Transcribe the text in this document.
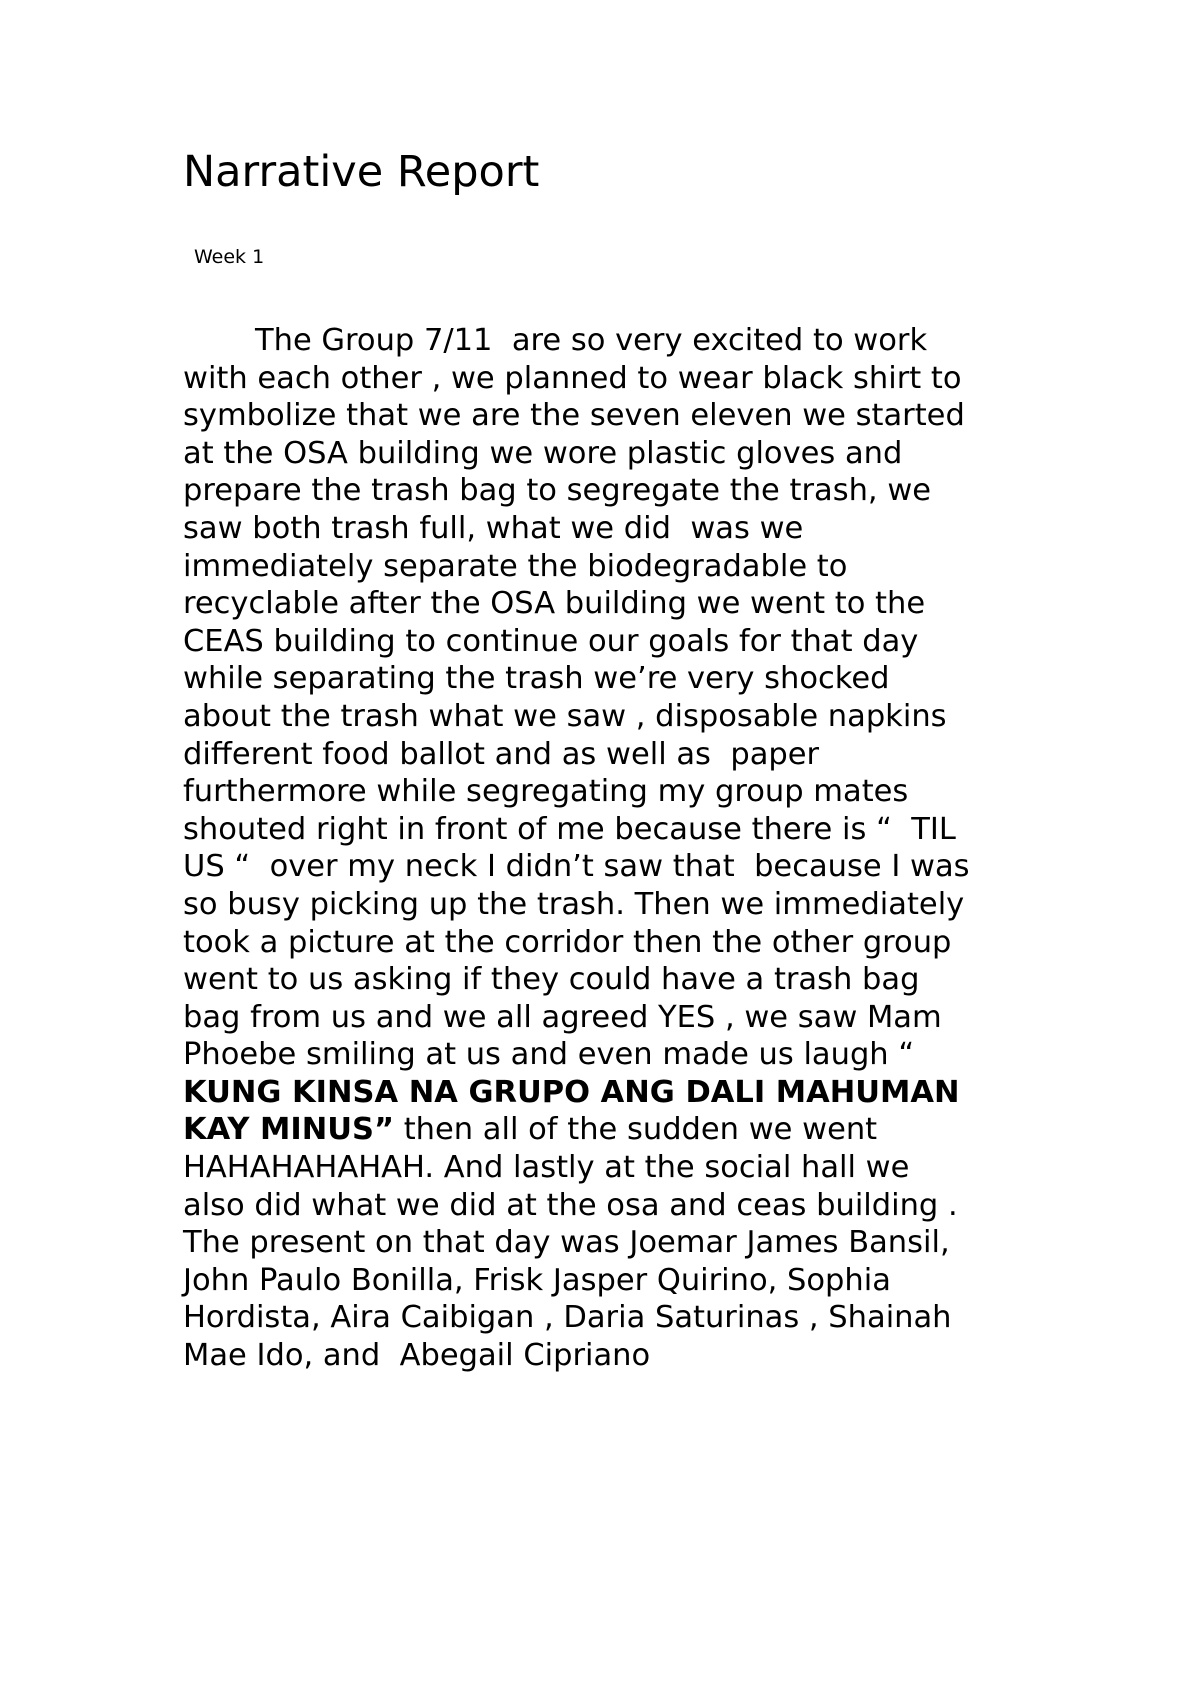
Narrative Report
Week 1
The Group 7/11  are so very excited to work
with each other , we planned to wear black shirt to
symbolize that we are the seven eleven we started
at the OSA building we wore plastic gloves and
prepare the trash bag to segregate the trash, we
saw both trash full, what we did  was we
immediately separate the biodegradable to
recyclable after the OSA building we went to the
CEAS building to continue our goals for that day
while separating the trash we’re very shocked
about the trash what we saw , disposable napkins
different food ballot and as well as  paper
furthermore while segregating my group mates
shouted right in front of me because there is “  TIL
US “  over my neck I didn’t saw that  because I was
so busy picking up the trash. Then we immediately
took a picture at the corridor then the other group
went to us asking if they could have a trash bag
bag from us and we all agreed YES , we saw Mam
Phoebe smiling at us and even made us laugh “
KUNG KINSA NA GRUPO ANG DALI MAHUMAN
KAY MINUS” then all of the sudden we went
HAHAHAHAHAH. And lastly at the social hall we
also did what we did at the osa and ceas building .
The present on that day was Joemar James Bansil,
John Paulo Bonilla, Frisk Jasper Quirino, Sophia
Hordista, Aira Caibigan , Daria Saturinas , Shainah
Mae Ido, and  Abegail Cipriano
